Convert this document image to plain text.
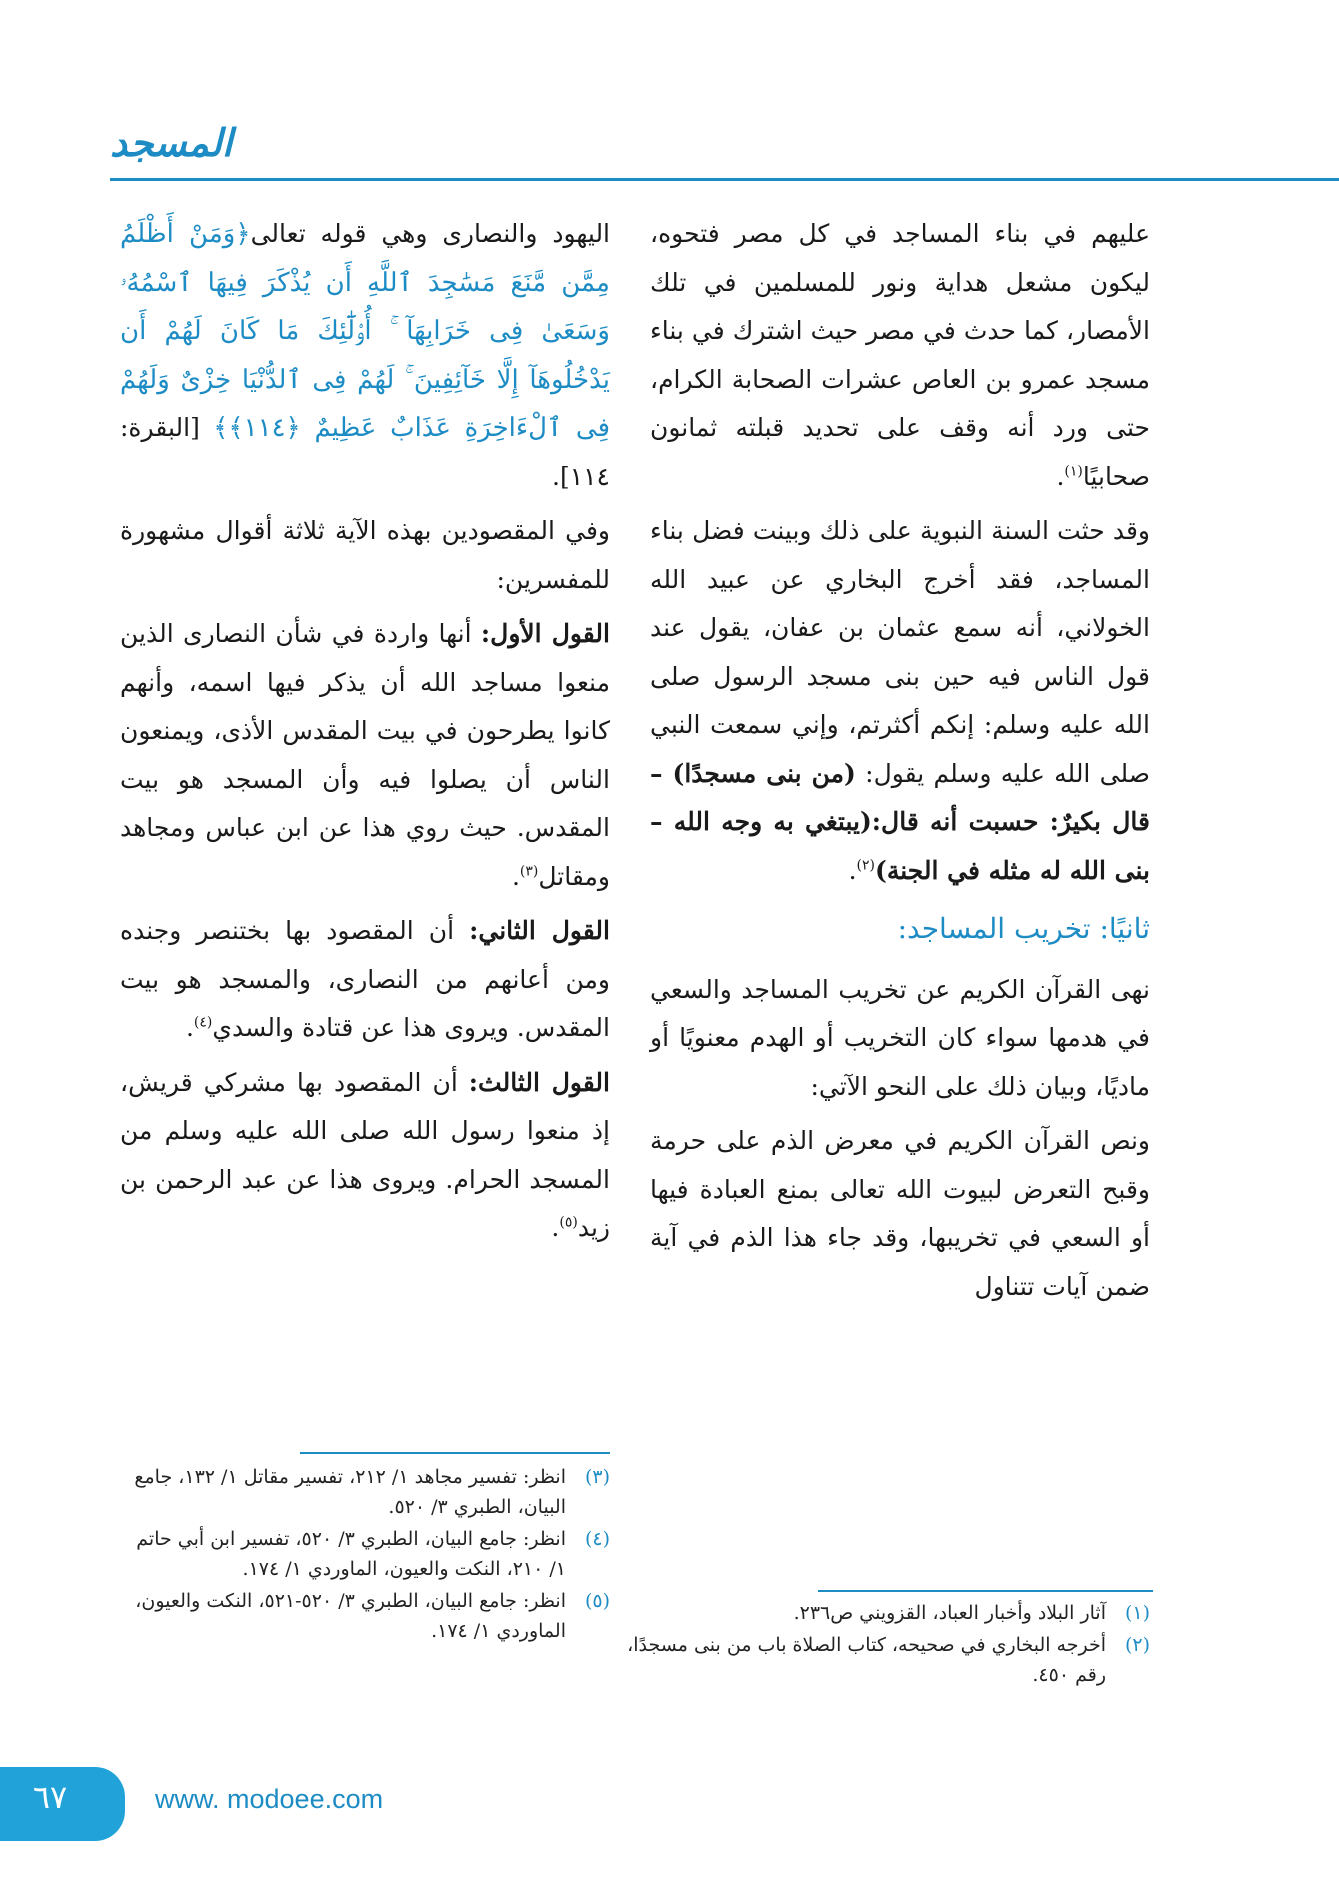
المسجد

عليهم في بناء المساجد في كل مصر فتحوه، ليكون مشعل هداية ونور للمسلمين في تلك الأمصار، كما حدث في مصر حيث اشترك في بناء مسجد عمرو بن العاص عشرات الصحابة الكرام، حتى ورد أنه وقف على تحديد قبلته ثمانون صحابيًا$^{(١)}$.

وقد حثت السنة النبوية على ذلك وبينت فضل بناء المساجد، فقد أخرج البخاري عن عبيد الله الخولاني، أنه سمع عثمان بن عفان، يقول عند قول الناس فيه حين بنى مسجد الرسول صلى الله عليه وسلم: إنكم أكثرتم، وإني سمعت النبي صلى الله عليه وسلم يقول: (من بنى مسجدًا) – قال بكيرٌ: حسبت أنه قال:(يبتغي به وجه الله – بنى الله له مثله في الجنة)$^{(٢)}$.

ثانيًا: تخريب المساجد:

نهى القرآن الكريم عن تخريب المساجد والسعي في هدمها سواء كان التخريب أو الهدم معنويًا أو ماديًا، وبيان ذلك على النحو الآتي:

ونص القرآن الكريم في معرض الذم على حرمة وقبح التعرض لبيوت الله تعالى بمنع العبادة فيها أو السعي في تخريبها، وقد جاء هذا الذم في آية ضمن آيات تتناول

اليهود والنصارى وهي قوله تعالى﴿وَمَنْ أَظْلَمُ مِمَّن مَّنَعَ مَسَٰجِدَ ٱللَّهِ أَن يُذْكَرَ فِيهَا ٱسْمُهُۥ وَسَعَىٰ فِى خَرَابِهَآ ۚ أُو۟لَٰٓئِكَ مَا كَانَ لَهُمْ أَن يَدْخُلُوهَآ إِلَّا خَآئِفِينَ ۚ لَهُمْ فِى ٱلدُّنْيَا خِزْىٌ وَلَهُمْ فِى ٱلْءَاخِرَةِ عَذَابٌ عَظِيمٌ ﴿١١٤﴾﴾ [البقرة: ١١٤].

وفي المقصودين بهذه الآية ثلاثة أقوال مشهورة للمفسرين:

القول الأول: أنها واردة في شأن النصارى الذين منعوا مساجد الله أن يذكر فيها اسمه، وأنهم كانوا يطرحون في بيت المقدس الأذى، ويمنعون الناس أن يصلوا فيه وأن المسجد هو بيت المقدس. حيث روي هذا عن ابن عباس ومجاهد ومقاتل$^{(٣)}$.

القول الثاني: أن المقصود بها بختنصر وجنده ومن أعانهم من النصارى، والمسجد هو بيت المقدس. ويروى هذا عن قتادة والسدي$^{(٤)}$.

القول الثالث: أن المقصود بها مشركي قريش، إذ منعوا رسول الله صلى الله عليه وسلم من المسجد الحرام. ويروى هذا عن عبد الرحمن بن زيد$^{(٥)}$.

(١)
آثار البلاد وأخبار العباد، القزويني ص٢٣٦.
(٢)
أخرجه البخاري في صحيحه، كتاب الصلاة باب من بنى مسجدًا، رقم ٤٥٠.
(٣)
انظر: تفسير مجاهد ١/ ٢١٢، تفسير مقاتل ١/ ١٣٢، جامع البيان، الطبري ٣/ ٥٢٠.
(٤)
انظر: جامع البيان، الطبري ٣/ ٥٢٠، تفسير ابن أبي حاتم ١/ ٢١٠، النكت والعيون، الماوردي ١/ ١٧٤.
(٥)
انظر: جامع البيان، الطبري ٣/ ٥٢٠-٥٢١، النكت والعيون، الماوردي ١/ ١٧٤.
٦٧	www. modoee.com
